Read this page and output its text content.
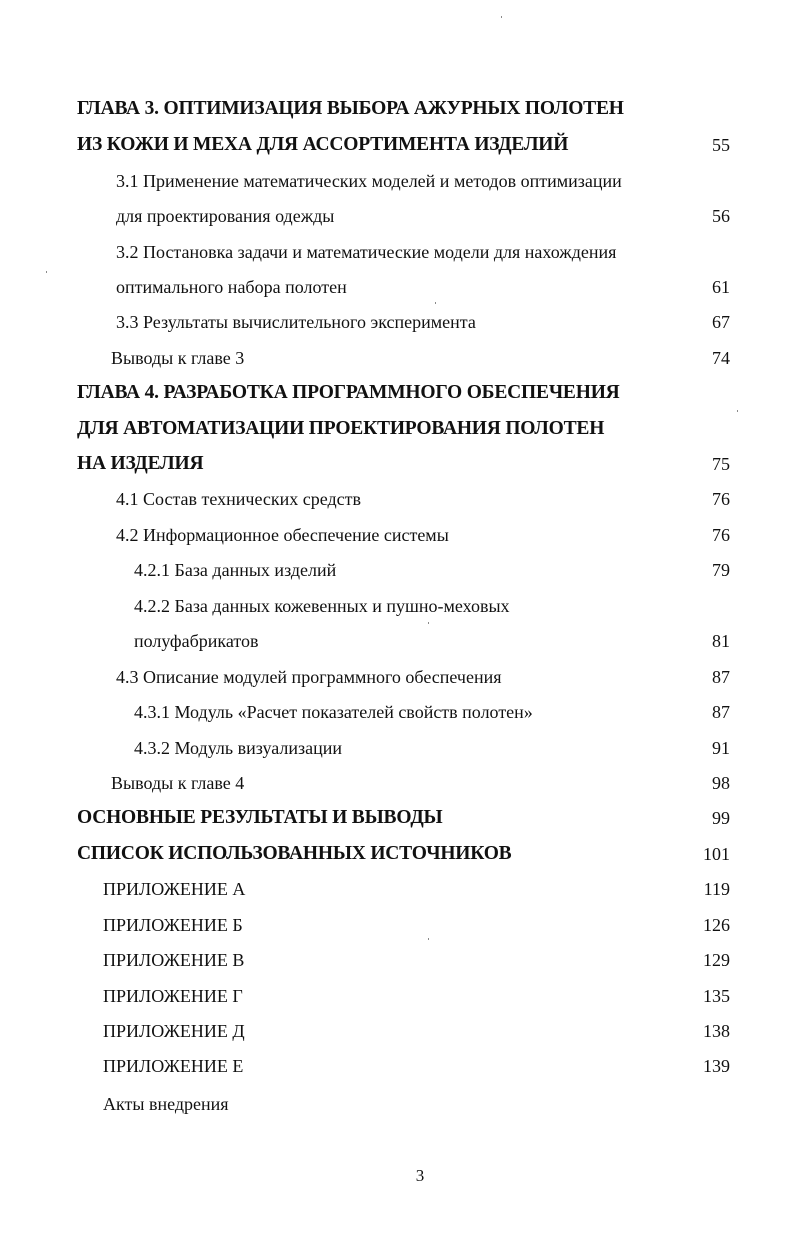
ГЛАВА 3. ОПТИМИЗАЦИЯ ВЫБОРА АЖУРНЫХ ПОЛОТЕН
ИЗ КОЖИ И МЕХА ДЛЯ АССОРТИМЕНТА ИЗДЕЛИЙ	55
3.1 Применение математических моделей и методов оптимизации
для проектирования одежды	56
3.2 Постановка задачи и математические модели для нахождения
оптимального набора полотен	61
3.3 Результаты вычислительного эксперимента	67
Выводы к главе 3	74
ГЛАВА 4. РАЗРАБОТКА ПРОГРАММНОГО ОБЕСПЕЧЕНИЯ
ДЛЯ АВТОМАТИЗАЦИИ ПРОЕКТИРОВАНИЯ ПОЛОТЕН
НА ИЗДЕЛИЯ	75
4.1 Состав технических средств	76
4.2 Информационное обеспечение системы	76
4.2.1 База данных изделий	79
4.2.2 База данных кожевенных и пушно-меховых
полуфабрикатов	81
4.3 Описание модулей программного обеспечения	87
4.3.1 Модуль «Расчет показателей свойств полотен»	87
4.3.2 Модуль визуализации	91
Выводы к главе 4	98
ОСНОВНЫЕ РЕЗУЛЬТАТЫ И ВЫВОДЫ	99
СПИСОК ИСПОЛЬЗОВАННЫХ ИСТОЧНИКОВ	101
ПРИЛОЖЕНИЕ А	119
ПРИЛОЖЕНИЕ Б	126
ПРИЛОЖЕНИЕ В	129
ПРИЛОЖЕНИЕ Г	135
ПРИЛОЖЕНИЕ Д	138
ПРИЛОЖЕНИЕ Е	139
Акты внедрения
3
